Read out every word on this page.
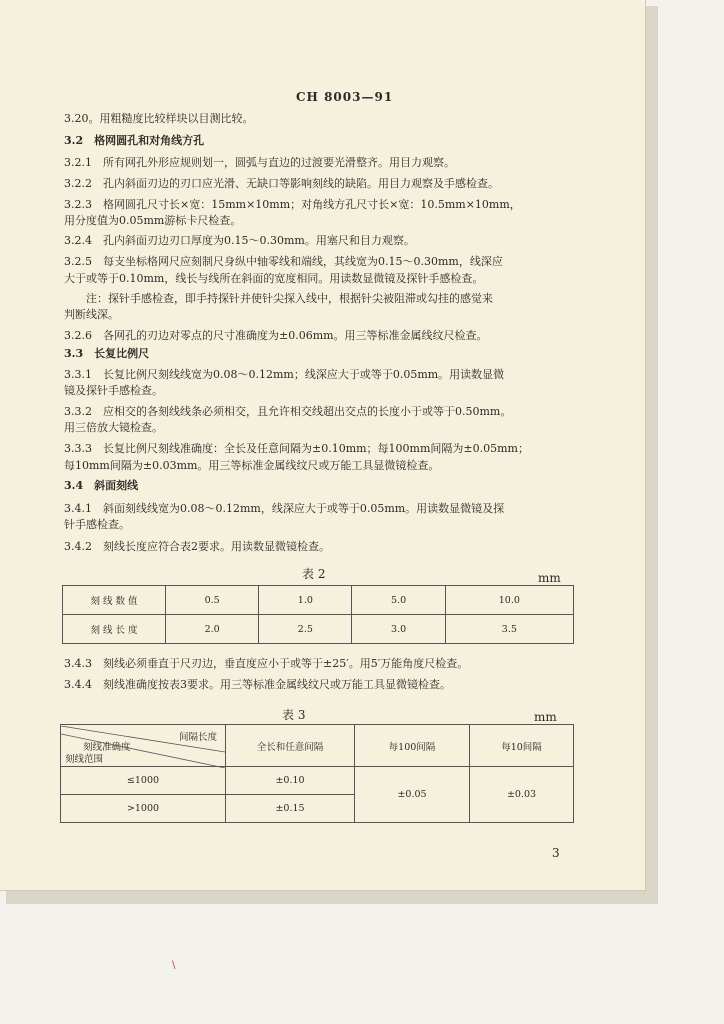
CH 8003—91
3.20。用粗糙度比较样块以目测比较。
3.2　格网圆孔和对角线方孔
3.2.1　所有网孔外形应规则划一，圆弧与直边的过渡要光滑整齐。用目力观察。
3.2.2　孔内斜面刃边的刃口应光滑、无缺口等影响刻线的缺陷。用目力观察及手感检查。
3.2.3　格网圆孔尺寸长×宽：15mm×10mm；对角线方孔尺寸长×宽：10.5mm×10mm，
用分度值为0.05mm游标卡尺检查。
3.2.4　孔内斜面刃边刃口厚度为0.15～0.30mm。用塞尺和目力观察。
3.2.5　每支坐标格网尺应刻制尺身纵中轴零线和端线，其线宽为0.15～0.30mm，线深应
大于或等于0.10mm，线长与线所在斜面的宽度相同。用读数显微镜及探针手感检查。
注：探针手感检查，即手持探针并使针尖探入线中，根据针尖被阻滞或勾挂的感觉来
判断线深。
3.2.6　各网孔的刃边对零点的尺寸准确度为±0.06mm。用三等标准金属线纹尺检查。
3.3　长复比例尺
3.3.1　长复比例尺刻线线宽为0.08～0.12mm；线深应大于或等于0.05mm。用读数显微
镜及探针手感检查。
3.3.2　应相交的各刻线线条必须相交，且允许相交线超出交点的长度小于或等于0.50mm。
用三倍放大镜检查。
3.3.3　长复比例尺刻线准确度：全长及任意间隔为±0.10mm；每100mm间隔为±0.05mm；
每10mm间隔为±0.03mm。用三等标准金属线纹尺或万能工具显微镜检查。
3.4　斜面刻线
3.4.1　斜面刻线线宽为0.08～0.12mm，线深应大于或等于0.05mm。用读数显微镜及探
针手感检查。
3.4.2　刻线长度应符合表2要求。用读数显微镜检查。
表 2	mm
刻 线 数 值	0.5	1.0	5.0	10.0
刻 线 长 度	2.0	2.5	3.0	3.5
3.4.3　刻线必须垂直于尺刃边，垂直度应小于或等于±25′。用5′万能角度尺检查。
3.4.4　刻线准确度按表3要求。用三等标准金属线纹尺或万能工具显微镜检查。
表 3	mm
间隔长度
刻线准确度
刻线范围	全长和任意间隔	每100间隔	每10间隔
≤1000	±0.10	±0.05	±0.03
>1000	±0.15		
3
\
